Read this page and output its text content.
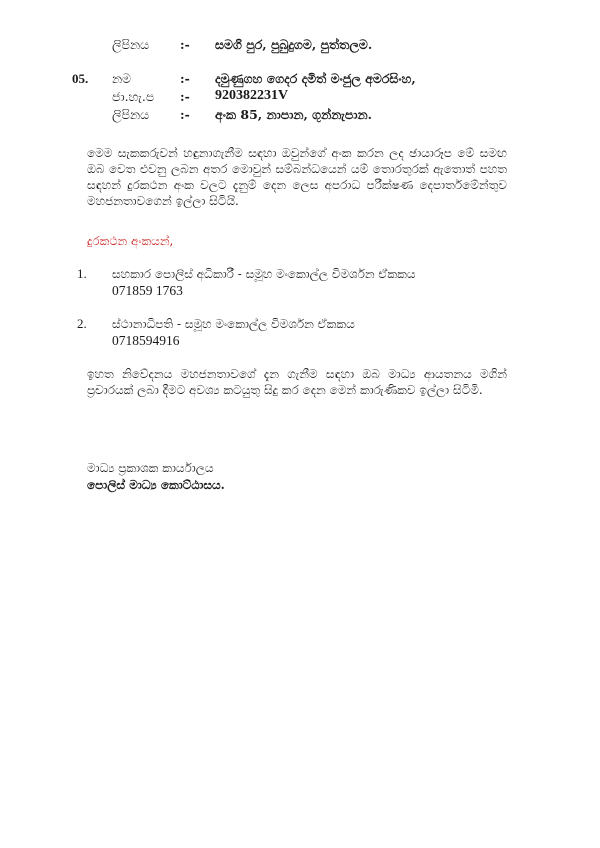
ලිපිනය :- සමගි පුර, පුබුදුගම, පුත්තලම.
05. නම	:- දමුණුගහ ගෙදර දමිත් මංජුල අමරසිංහ,
ජා.හැ.ප :- 920382231V
ලිපිනය :- අංක 85, නාපාන, ගුන්නැපාන.

මෙම සැකකරුවන් හඳුනාගැනීම සඳහා ඔවුන්ගේ අංක කරන ලද ඡායාරූප මේ සමඟ ඔබ වෙත එවනු ලබන අතර මොවුන් සම්බන්ධයෙන් යම් තොරතුරක් ඇතොත් පහත සඳහන් දුරකථන අංක වලට දැනුම් දෙන ලෙස අපරාධ පරීක්ෂණ දෙපාර්තමේන්තුව මහජනතාවගෙන් ඉල්ලා සිටියි.

දුරකථන අංකයන්,
1. සහකාර පොලිස් අධිකාරී - සමූහ මංකොල්ල විමර්ශන ඒකකය
071859 1763
2. ස්ථානාධිපති - සමූහ මංකොල්ල විමර්ශන ඒකකය
0718594916

ඉහත නිවේදනය මහජනතාවගේ දැන ගැනීම සඳහා ඔබ මාධ්‍ය ආයතනය මගින් ප්‍රචාරයක් ලබා දීමට අවශ්‍ය කටයුතු සිදු කර දෙන මෙන් කාරුණිකව ඉල්ලා සිටිමි.

මාධ්‍ය ප්‍රකාශක කාර්යාලය
පොලිස් මාධ්‍ය කොට්ඨාසය.
